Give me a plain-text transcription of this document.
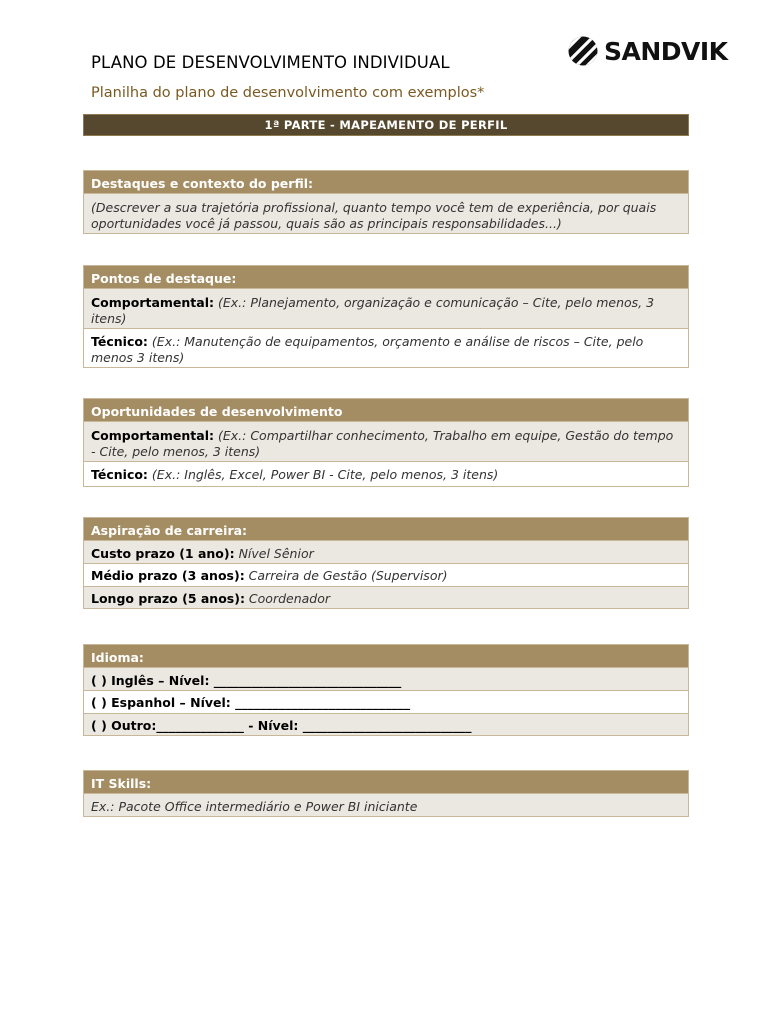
PLANO DE DESENVOLVIMENTO INDIVIDUAL
Planilha do plano de desenvolvimento com exemplos*
SANDVIK
1ª PARTE - MAPEAMENTO DE PERFIL
Destaques e contexto do perfil:
(Descrever a sua trajetória profissional, quanto tempo você tem de experiência, por quais oportunidades você já passou, quais são as principais responsabilidades...)
Pontos de destaque:
Comportamental: (Ex.: Planejamento, organização e comunicação – Cite, pelo menos, 3 itens)
Técnico: (Ex.: Manutenção de equipamentos, orçamento e análise de riscos – Cite, pelo menos 3 itens)
Oportunidades de desenvolvimento
Comportamental: (Ex.: Compartilhar conhecimento, Trabalho em equipe, Gestão do tempo - Cite, pelo menos, 3 itens)
Técnico: (Ex.: Inglês, Excel, Power BI - Cite, pelo menos, 3 itens)
Aspiração de carreira:
Custo prazo (1 ano): Nível Sênior
Médio prazo (3 anos): Carreira de Gestão (Supervisor)
Longo prazo (5 anos): Coordenador
Idioma:
( ) Inglês – Nível: ______________________________
( ) Espanhol – Nível: ____________________________
( ) Outro:______________ - Nível: ___________________________
IT Skills:
Ex.: Pacote Office intermediário e Power BI iniciante
